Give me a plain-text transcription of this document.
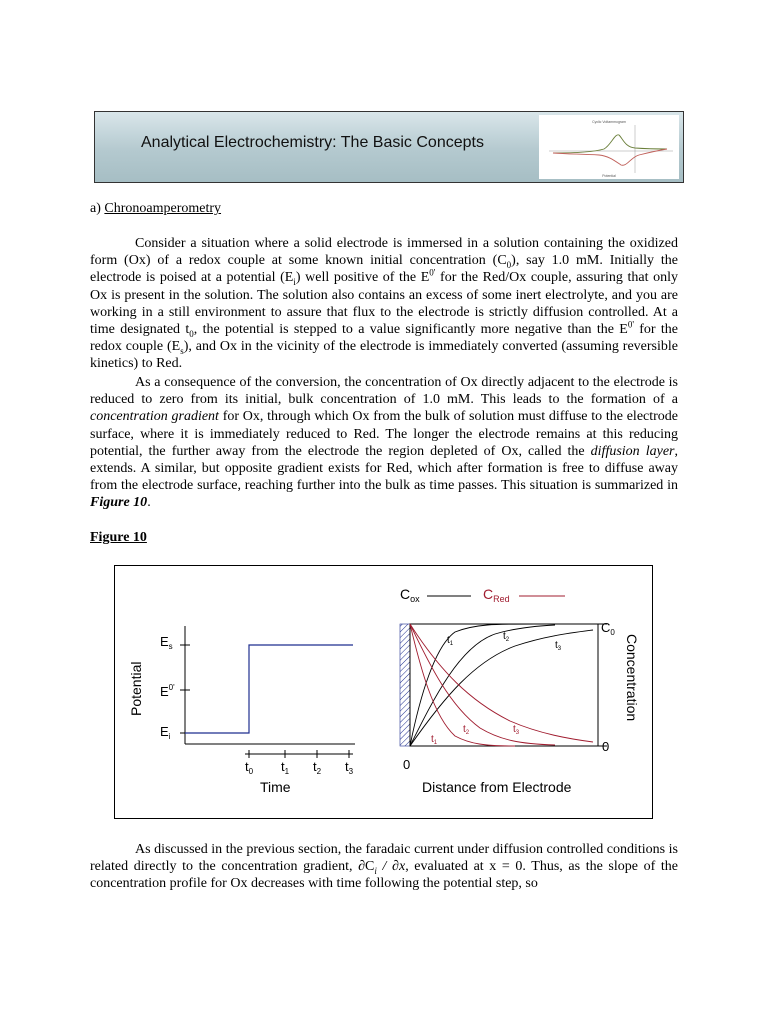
Analytical Electrochemistry: The Basic Concepts
Cyclic Voltammogram
Potential
a) Chronoamperometry

Consider a situation where a solid electrode is immersed in a solution containing the oxidized form (Ox) of a redox couple at some known initial concentration $(C_0)$, say 1.0 mM. Initially the electrode is poised at a potential $(E_i)$ well positive of the $E^{0'}$ for the Red/Ox couple, assuring that only Ox is present in the solution. The solution also contains an excess of some inert electrolyte, and you are working in a still environment to assure that flux to the electrode is strictly diffusion controlled. At a time designated $t_0$, the potential is stepped to a value significantly more negative than the $E^{0'}$ for the redox couple $(E_s)$, and Ox in the vicinity of the electrode is immediately converted (assuming reversible kinetics) to Red.

As a consequence of the conversion, the concentration of Ox directly adjacent to the electrode is reduced to zero from its initial, bulk concentration of 1.0 mM. This leads to the formation of a concentration gradient for Ox, through which Ox from the bulk of solution must diffuse to the electrode surface, where it is immediately reduced to Red. The longer the electrode remains at this reducing potential, the further away from the electrode the region depleted of Ox, called the diffusion layer, extends. A similar, but opposite gradient exists for Red, which after formation is free to diffuse away from the electrode surface, reaching further into the bulk as time passes. This situation is summarized in Figure 10.

Figure 10
$E_s$
$E^{0'}$
$E_i$
Potential
$t_0$ $t_1$ $t_2$ $t_3$
Time
$C_0$
0
0
Distance from Electrode
Concentration
$C_{ox}$	$C_{Red}$
$t_1$
$t_2$	$t_3$
$t_1$
$t_2$	$t_3$

As discussed in the previous section, the faradaic current under diffusion controlled conditions is related directly to the concentration gradient, $\partial C_i / \partial x$, evaluated at x = 0. Thus, as the slope of the concentration profile for Ox decreases with time following the potential step, so
